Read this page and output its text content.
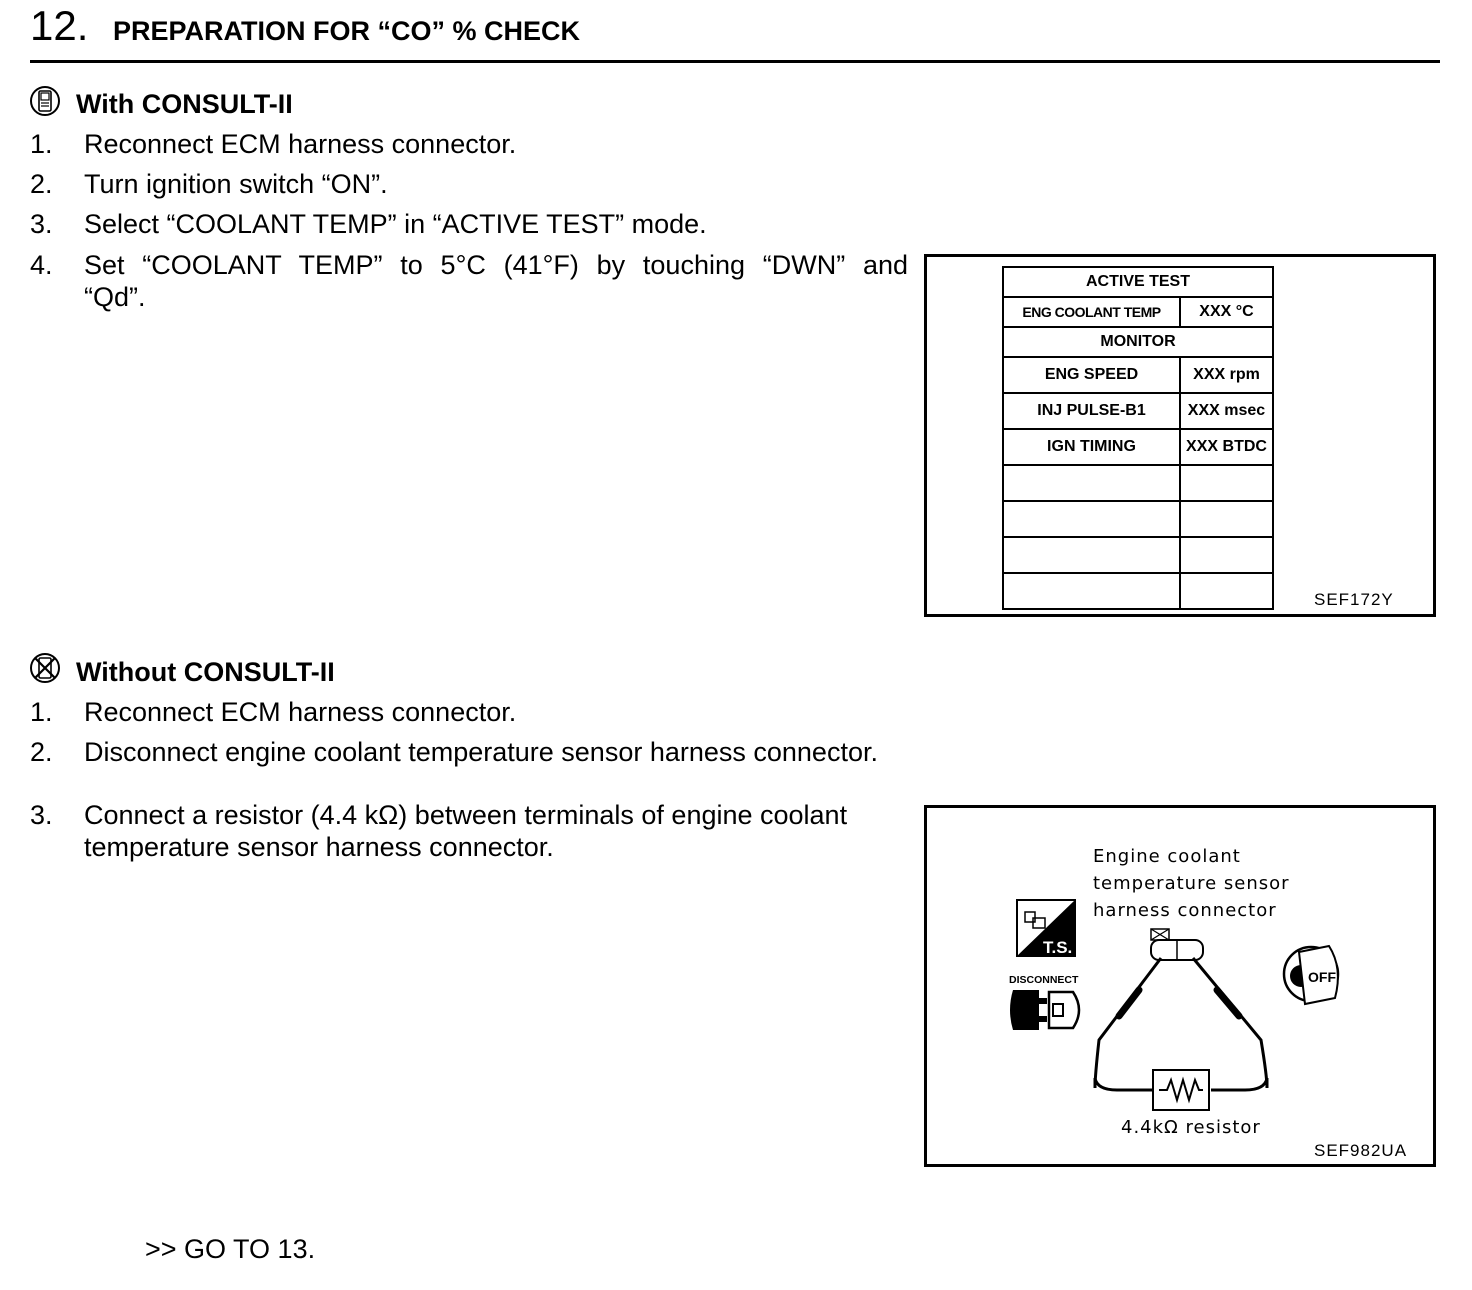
12. PREPARATION FOR “CO” % CHECK
With CONSULT-II
1. Reconnect ECM harness connector.
2. Turn ignition switch “ON”.
3. Select “COOLANT TEMP” in “ACTIVE TEST” mode.
4. Set “COOLANT TEMP” to 5°C (41°F) by touching “DWN” and
“Qd”.
ACTIVE TEST	
ENG COOLANT TEMP	XXX °C
MONITOR	
ENG SPEED	XXX rpm
INJ PULSE-B1	XXX msec
IGN TIMING	XXX BTDC

SEF172Y
Without CONSULT-II
1. Reconnect ECM harness connector.
2. Disconnect engine coolant temperature sensor harness connector.
3. Connect a resistor (4.4 kΩ) between terminals of engine coolant
temperature sensor harness connector.	Engine coolant
temperature sensor
harness connector
4.4kΩ resistor
T.S.
DISCONNECT	OFF
SEF982UA
>> GO TO 13.
